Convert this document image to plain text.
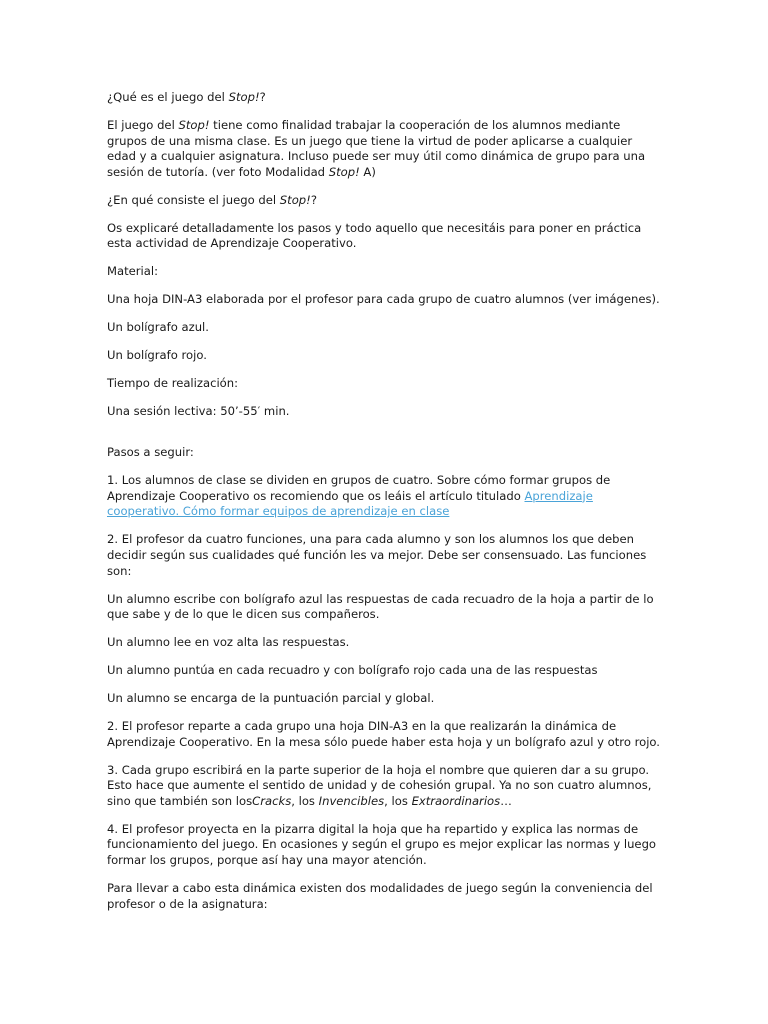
¿Qué es el juego del Stop!?

El juego del Stop! tiene como finalidad trabajar la cooperación de los alumnos mediante grupos de una misma clase. Es un juego que tiene la virtud de poder aplicarse a cualquier edad y a cualquier asignatura. Incluso puede ser muy útil como dinámica de grupo para una sesión de tutoría. (ver foto Modalidad Stop! A)

¿En qué consiste el juego del Stop!?

Os explicaré detalladamente los pasos y todo aquello que necesitáis para poner en práctica esta actividad de Aprendizaje Cooperativo.

Material:

Una hoja DIN-A3 elaborada por el profesor para cada grupo de cuatro alumnos (ver imágenes).

Un bolígrafo azul.

Un bolígrafo rojo.

Tiempo de realización:

Una sesión lectiva: 50’-55′ min.

Pasos a seguir:

1. Los alumnos de clase se dividen en grupos de cuatro. Sobre cómo formar grupos de Aprendizaje Cooperativo os recomiendo que os leáis el artículo titulado Aprendizaje cooperativo. Cómo formar equipos de aprendizaje en clase

2. El profesor da cuatro funciones, una para cada alumno y son los alumnos los que deben decidir según sus cualidades qué función les va mejor. Debe ser consensuado. Las funciones son:

Un alumno escribe con bolígrafo azul las respuestas de cada recuadro de la hoja a partir de lo que sabe y de lo que le dicen sus compañeros.

Un alumno lee en voz alta las respuestas.

Un alumno puntúa en cada recuadro y con bolígrafo rojo cada una de las respuestas

Un alumno se encarga de la puntuación parcial y global.

2. El profesor reparte a cada grupo una hoja DIN-A3 en la que realizarán la dinámica de Aprendizaje Cooperativo. En la mesa sólo puede haber esta hoja y un bolígrafo azul y otro rojo.

3. Cada grupo escribirá en la parte superior de la hoja el nombre que quieren dar a su grupo. Esto hace que aumente el sentido de unidad y de cohesión grupal. Ya no son cuatro alumnos, sino que también son losCracks, los Invencibles, los Extraordinarios…

4. El profesor proyecta en la pizarra digital la hoja que ha repartido y explica las normas de funcionamiento del juego. En ocasiones y según el grupo es mejor explicar las normas y luego formar los grupos, porque así hay una mayor atención.

Para llevar a cabo esta dinámica existen dos modalidades de juego según la conveniencia del profesor o de la asignatura:
